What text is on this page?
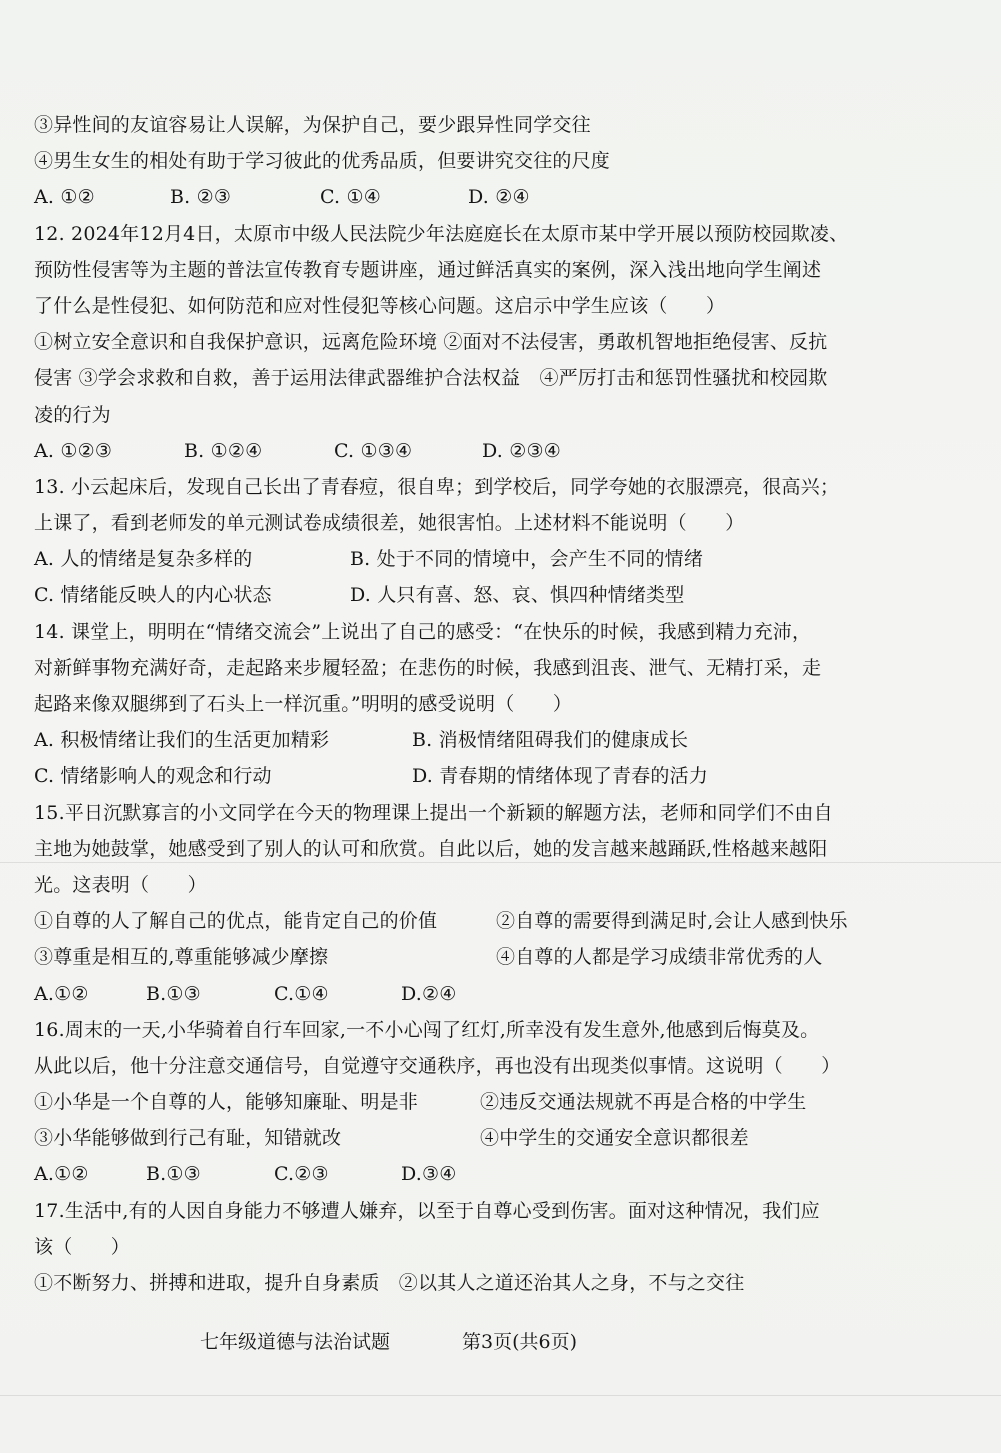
③异性间的友谊容易让人误解，为保护自己，要少跟异性同学交往
④男生女生的相处有助于学习彼此的优秀品质，但要讲究交往的尺度
A. ①②	B. ②③	C. ①④	D. ②④
12. 2024年12月4日，太原市中级人民法院少年法庭庭长在太原市某中学开展以预防校园欺凌、
预防性侵害等为主题的普法宣传教育专题讲座，通过鲜活真实的案例，深入浅出地向学生阐述
了什么是性侵犯、如何防范和应对性侵犯等核心问题。这启示中学生应该（　　）
①树立安全意识和自我保护意识，远离危险环境 ②面对不法侵害，勇敢机智地拒绝侵害、反抗
侵害 ③学会求救和自救，善于运用法律武器维护合法权益　④严厉打击和惩罚性骚扰和校园欺
凌的行为
A. ①②③	B. ①②④	C. ①③④	D. ②③④
13. 小云起床后，发现自己长出了青春痘，很自卑；到学校后，同学夸她的衣服漂亮，很高兴；
上课了，看到老师发的单元测试卷成绩很差，她很害怕。上述材料不能说明（　　）
A. 人的情绪是复杂多样的	B. 处于不同的情境中，会产生不同的情绪
C. 情绪能反映人的内心状态	D. 人只有喜、怒、哀、惧四种情绪类型
14. 课堂上，明明在“情绪交流会”上说出了自己的感受：“在快乐的时候，我感到精力充沛，
对新鲜事物充满好奇，走起路来步履轻盈；在悲伤的时候，我感到沮丧、泄气、无精打采，走
起路来像双腿绑到了石头上一样沉重。”明明的感受说明（　　）
A. 积极情绪让我们的生活更加精彩	B. 消极情绪阻碍我们的健康成长
C. 情绪影响人的观念和行动	D. 青春期的情绪体现了青春的活力
15.平日沉默寡言的小文同学在今天的物理课上提出一个新颖的解题方法，老师和同学们不由自
主地为她鼓掌，她感受到了别人的认可和欣赏。自此以后，她的发言越来越踊跃,性格越来越阳
光。这表明（　　）
①自尊的人了解自己的优点，能肯定自己的价值	②自尊的需要得到满足时,会让人感到快乐
③尊重是相互的,尊重能够减少摩擦	④自尊的人都是学习成绩非常优秀的人
A.①②	B.①③	C.①④	D.②④
16.周末的一天,小华骑着自行车回家,一不小心闯了红灯,所幸没有发生意外,他感到后悔莫及。
从此以后，他十分注意交通信号，自觉遵守交通秩序，再也没有出现类似事情。这说明（　　）
①小华是一个自尊的人，能够知廉耻、明是非	②违反交通法规就不再是合格的中学生
③小华能够做到行己有耻，知错就改	④中学生的交通安全意识都很差
A.①②	B.①③	C.②③	D.③④
17.生活中,有的人因自身能力不够遭人嫌弃，以至于自尊心受到伤害。面对这种情况，我们应
该（　　）
①不断努力、拼搏和进取，提升自身素质　②以其人之道还治其人之身，不与之交往
七年级道德与法治试题	第3页(共6页)
